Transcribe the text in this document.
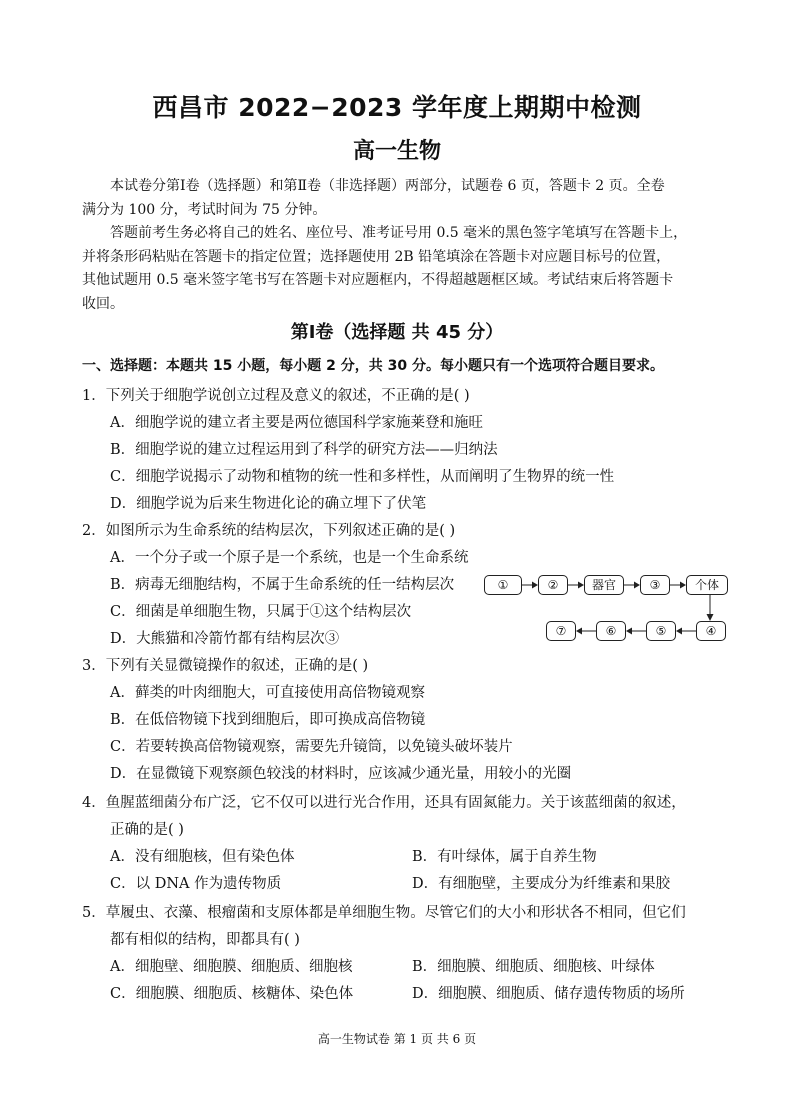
西昌市 2022−2023 学年度上期期中检测
高一生物
本试卷分第Ⅰ卷（选择题）和第Ⅱ卷（非选择题）两部分，试题卷 6 页，答题卡 2 页。全卷
满分为 100 分，考试时间为 75 分钟。
答题前考生务必将自己的姓名、座位号、准考证号用 0.5 毫米的黑色签字笔填写在答题卡上，
并将条形码粘贴在答题卡的指定位置；选择题使用 2B 铅笔填涂在答题卡对应题目标号的位置，
其他试题用 0.5 毫米签字笔书写在答题卡对应题框内，不得超越题框区域。考试结束后将答题卡
收回。
第Ⅰ卷（选择题 共 45 分）
一、选择题：本题共 15 小题，每小题 2 分，共 30 分。每小题只有一个选项符合题目要求。
1．下列关于细胞学说创立过程及意义的叙述，不正确的是( )
A．细胞学说的建立者主要是两位德国科学家施莱登和施旺
B．细胞学说的建立过程运用到了科学的研究方法——归纳法
C．细胞学说揭示了动物和植物的统一性和多样性，从而阐明了生物界的统一性
D．细胞学说为后来生物进化论的确立埋下了伏笔
2．如图所示为生命系统的结构层次，下列叙述正确的是( )
A．一个分子或一个原子是一个系统，也是一个生命系统
B．病毒无细胞结构，不属于生命系统的任一结构层次
C．细菌是单细胞生物，只属于①这个结构层次
D．大熊猫和冷箭竹都有结构层次③
①	②	器官	③	个体
⑦	⑥	⑤	④
3．下列有关显微镜操作的叙述，正确的是( )
A．藓类的叶肉细胞大，可直接使用高倍物镜观察
B．在低倍物镜下找到细胞后，即可换成高倍物镜
C．若要转换高倍物镜观察，需要先升镜筒，以免镜头破坏装片
D．在显微镜下观察颜色较浅的材料时，应该减少通光量，用较小的光圈
4．鱼腥蓝细菌分布广泛，它不仅可以进行光合作用，还具有固氮能力。关于该蓝细菌的叙述，
正确的是( )
A．没有细胞核，但有染色体	B．有叶绿体，属于自养生物
C．以 DNA 作为遗传物质	D．有细胞壁，主要成分为纤维素和果胶
5．草履虫、衣藻、根瘤菌和支原体都是单细胞生物。尽管它们的大小和形状各不相同，但它们
都有相似的结构，即都具有( )
A．细胞壁、细胞膜、细胞质、细胞核	B．细胞膜、细胞质、细胞核、叶绿体
C．细胞膜、细胞质、核糖体、染色体	D．细胞膜、细胞质、储存遗传物质的场所
高一生物试卷 第 1 页 共 6 页
